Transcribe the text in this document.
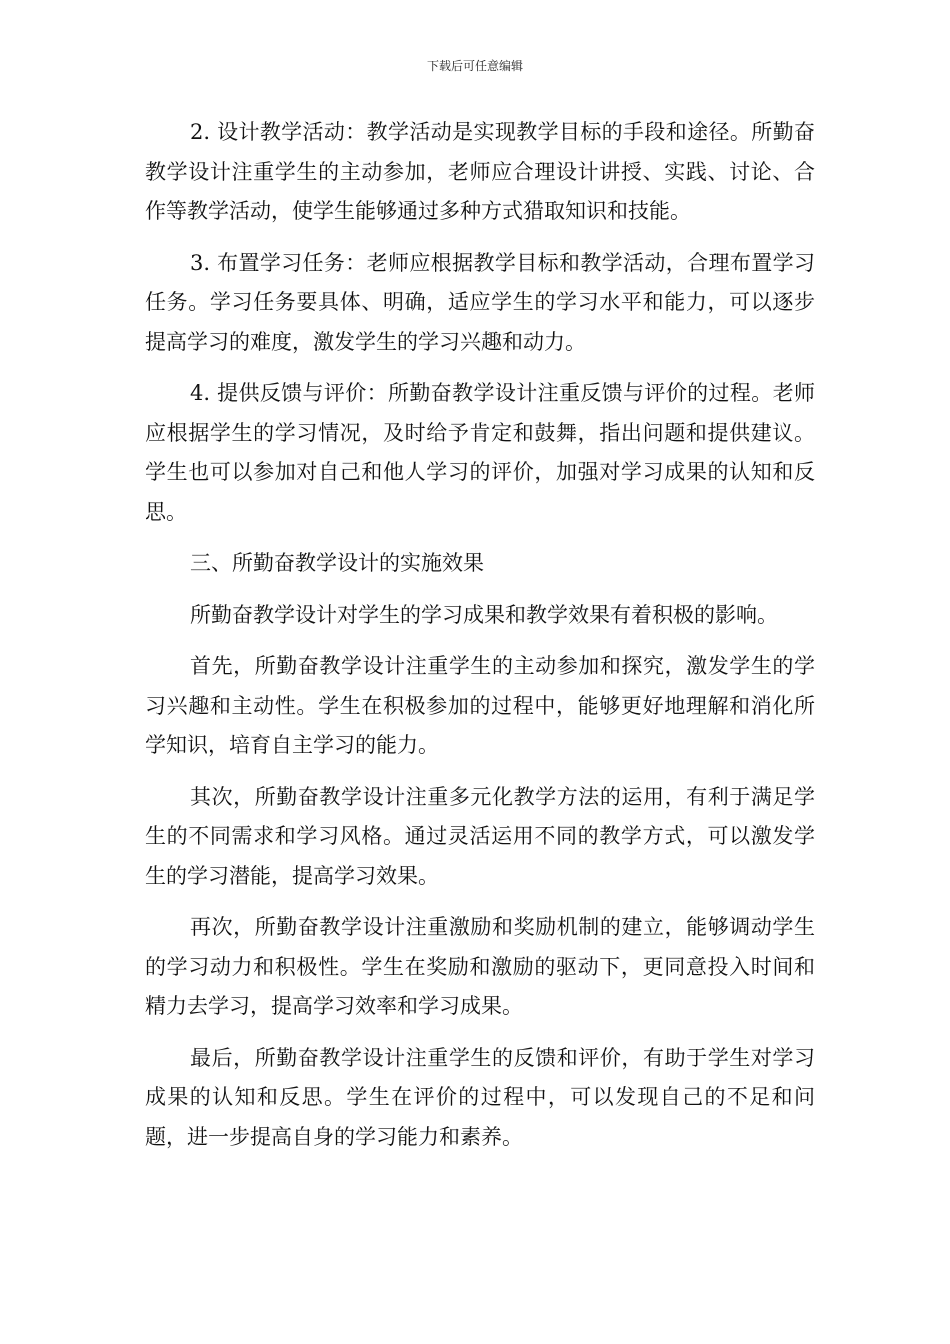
下载后可任意编辑

2. 设计教学活动：教学活动是实现教学目标的手段和途径。所勤奋教学设计注重学生的主动参加，老师应合理设计讲授、实践、讨论、合作等教学活动，使学生能够通过多种方式猎取知识和技能。

3. 布置学习任务：老师应根据教学目标和教学活动，合理布置学习任务。学习任务要具体、明确，适应学生的学习水平和能力，可以逐步提高学习的难度，激发学生的学习兴趣和动力。

4. 提供反馈与评价：所勤奋教学设计注重反馈与评价的过程。老师应根据学生的学习情况，及时给予肯定和鼓舞，指出问题和提供建议。学生也可以参加对自己和他人学习的评价，加强对学习成果的认知和反思。

三、所勤奋教学设计的实施效果

所勤奋教学设计对学生的学习成果和教学效果有着积极的影响。

首先，所勤奋教学设计注重学生的主动参加和探究，激发学生的学习兴趣和主动性。学生在积极参加的过程中，能够更好地理解和消化所学知识，培育自主学习的能力。

其次，所勤奋教学设计注重多元化教学方法的运用，有利于满足学生的不同需求和学习风格。通过灵活运用不同的教学方式，可以激发学生的学习潜能，提高学习效果。

再次，所勤奋教学设计注重激励和奖励机制的建立，能够调动学生的学习动力和积极性。学生在奖励和激励的驱动下，更同意投入时间和精力去学习，提高学习效率和学习成果。

最后，所勤奋教学设计注重学生的反馈和评价，有助于学生对学习成果的认知和反思。学生在评价的过程中，可以发现自己的不足和问题，进一步提高自身的学习能力和素养。
